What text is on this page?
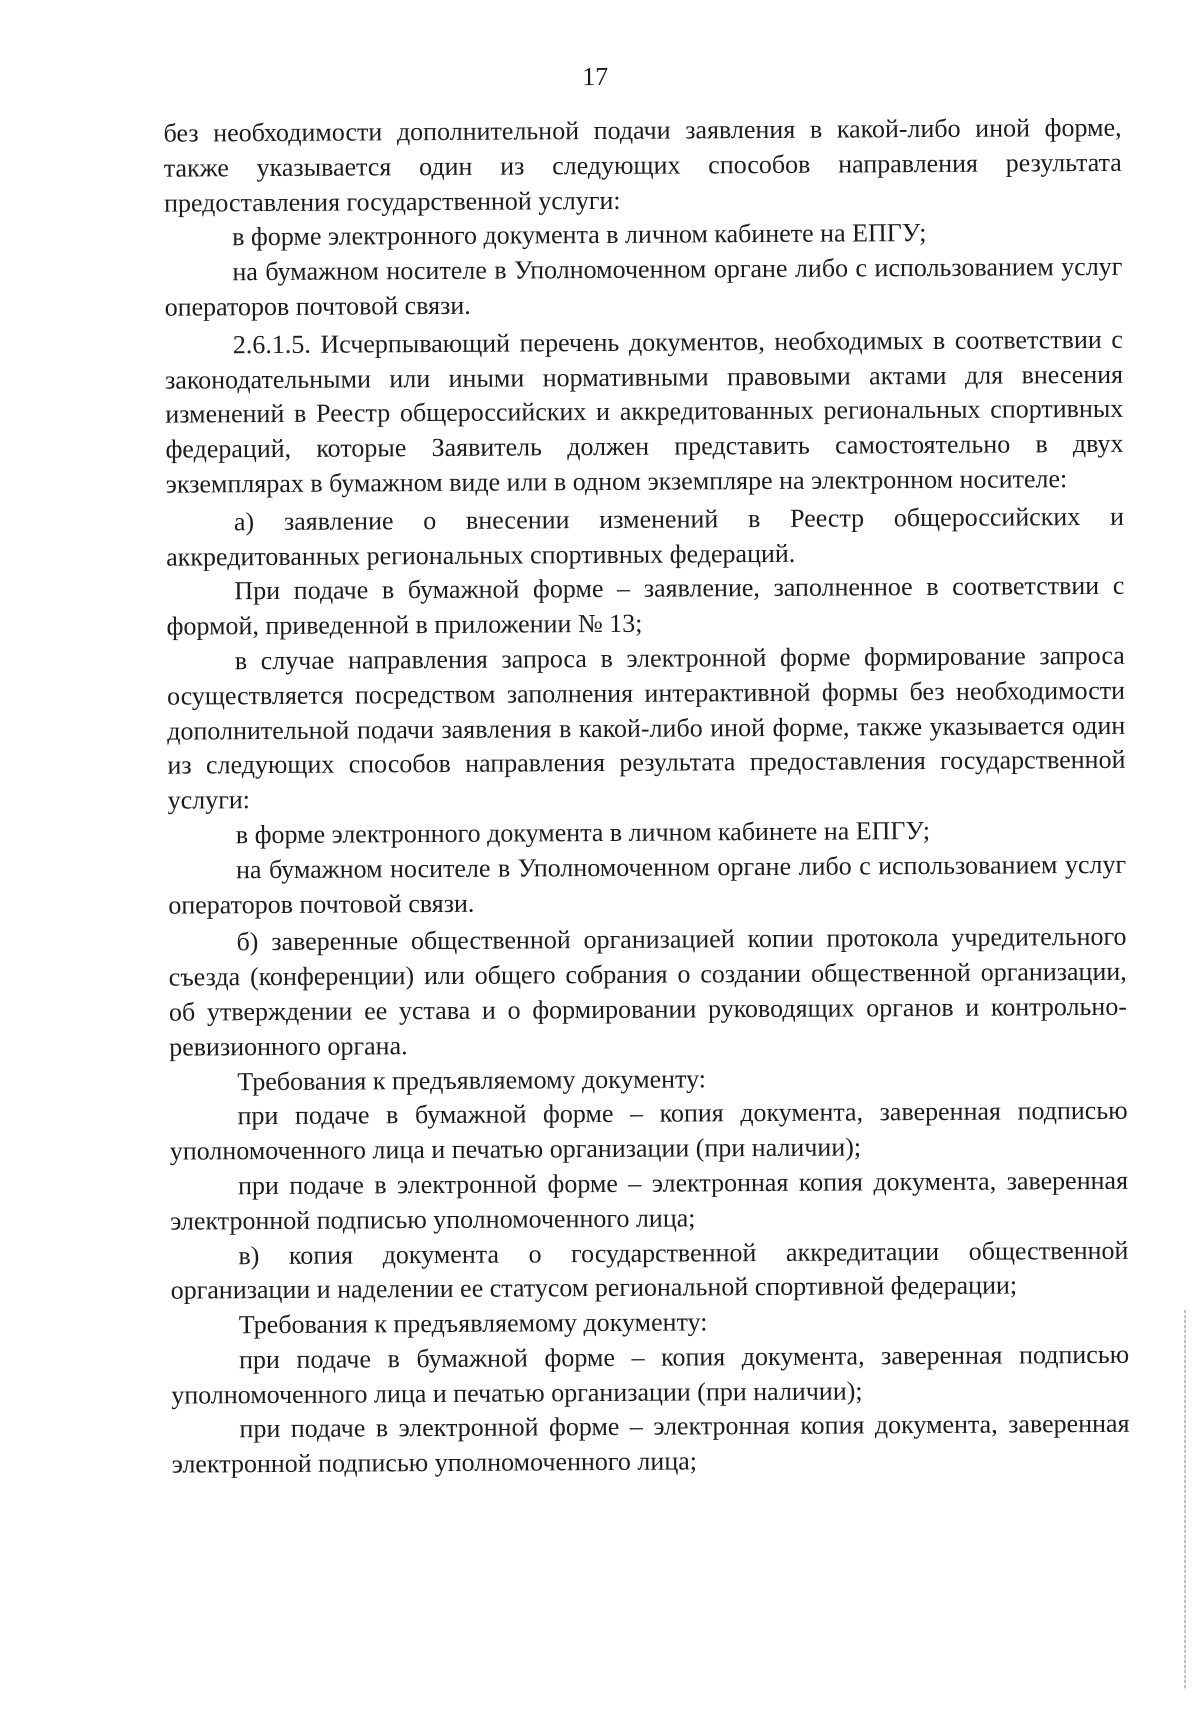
17

без необходимости дополнительной подачи заявления в какой-либо иной форме, также указывается один из следующих способов направления результата предоставления государственной услуги:

в форме электронного документа в личном кабинете на ЕПГУ;

на бумажном носителе в Уполномоченном органе либо с использованием услуг операторов почтовой связи.

2.6.1.5. Исчерпывающий перечень документов, необходимых в соответствии с законодательными или иными нормативными правовыми актами для внесения изменений в Реестр общероссийских и аккредитованных региональных спортивных федераций, которые Заявитель должен представить самостоятельно в двух экземплярах в бумажном виде или в одном экземпляре на электронном носителе:

а) заявление о внесении изменений в Реестр общероссийских и аккредитованных региональных спортивных федераций.

При подаче в бумажной форме – заявление, заполненное в соответствии с формой, приведенной в приложении № 13;

в случае направления запроса в электронной форме формирование запроса осуществляется посредством заполнения интерактивной формы без необходимости дополнительной подачи заявления в какой-либо иной форме, также указывается один из следующих способов направления результата предоставления государственной услуги:

в форме электронного документа в личном кабинете на ЕПГУ;

на бумажном носителе в Уполномоченном органе либо с использованием услуг операторов почтовой связи.

б) заверенные общественной организацией копии протокола учредительного съезда (конференции) или общего собрания о создании общественной организации, об утверждении ее устава и о формировании руководящих органов и контрольно-ревизионного органа.

Требования к предъявляемому документу:

при подаче в бумажной форме – копия документа, заверенная подписью уполномоченного лица и печатью организации (при наличии);

при подаче в электронной форме – электронная копия документа, заверенная электронной подписью уполномоченного лица;

в) копия документа о государственной аккредитации общественной организации и наделении ее статусом региональной спортивной федерации;

Требования к предъявляемому документу:

при подаче в бумажной форме – копия документа, заверенная подписью уполномоченного лица и печатью организации (при наличии);

при подаче в электронной форме – электронная копия документа, заверенная электронной подписью уполномоченного лица;
